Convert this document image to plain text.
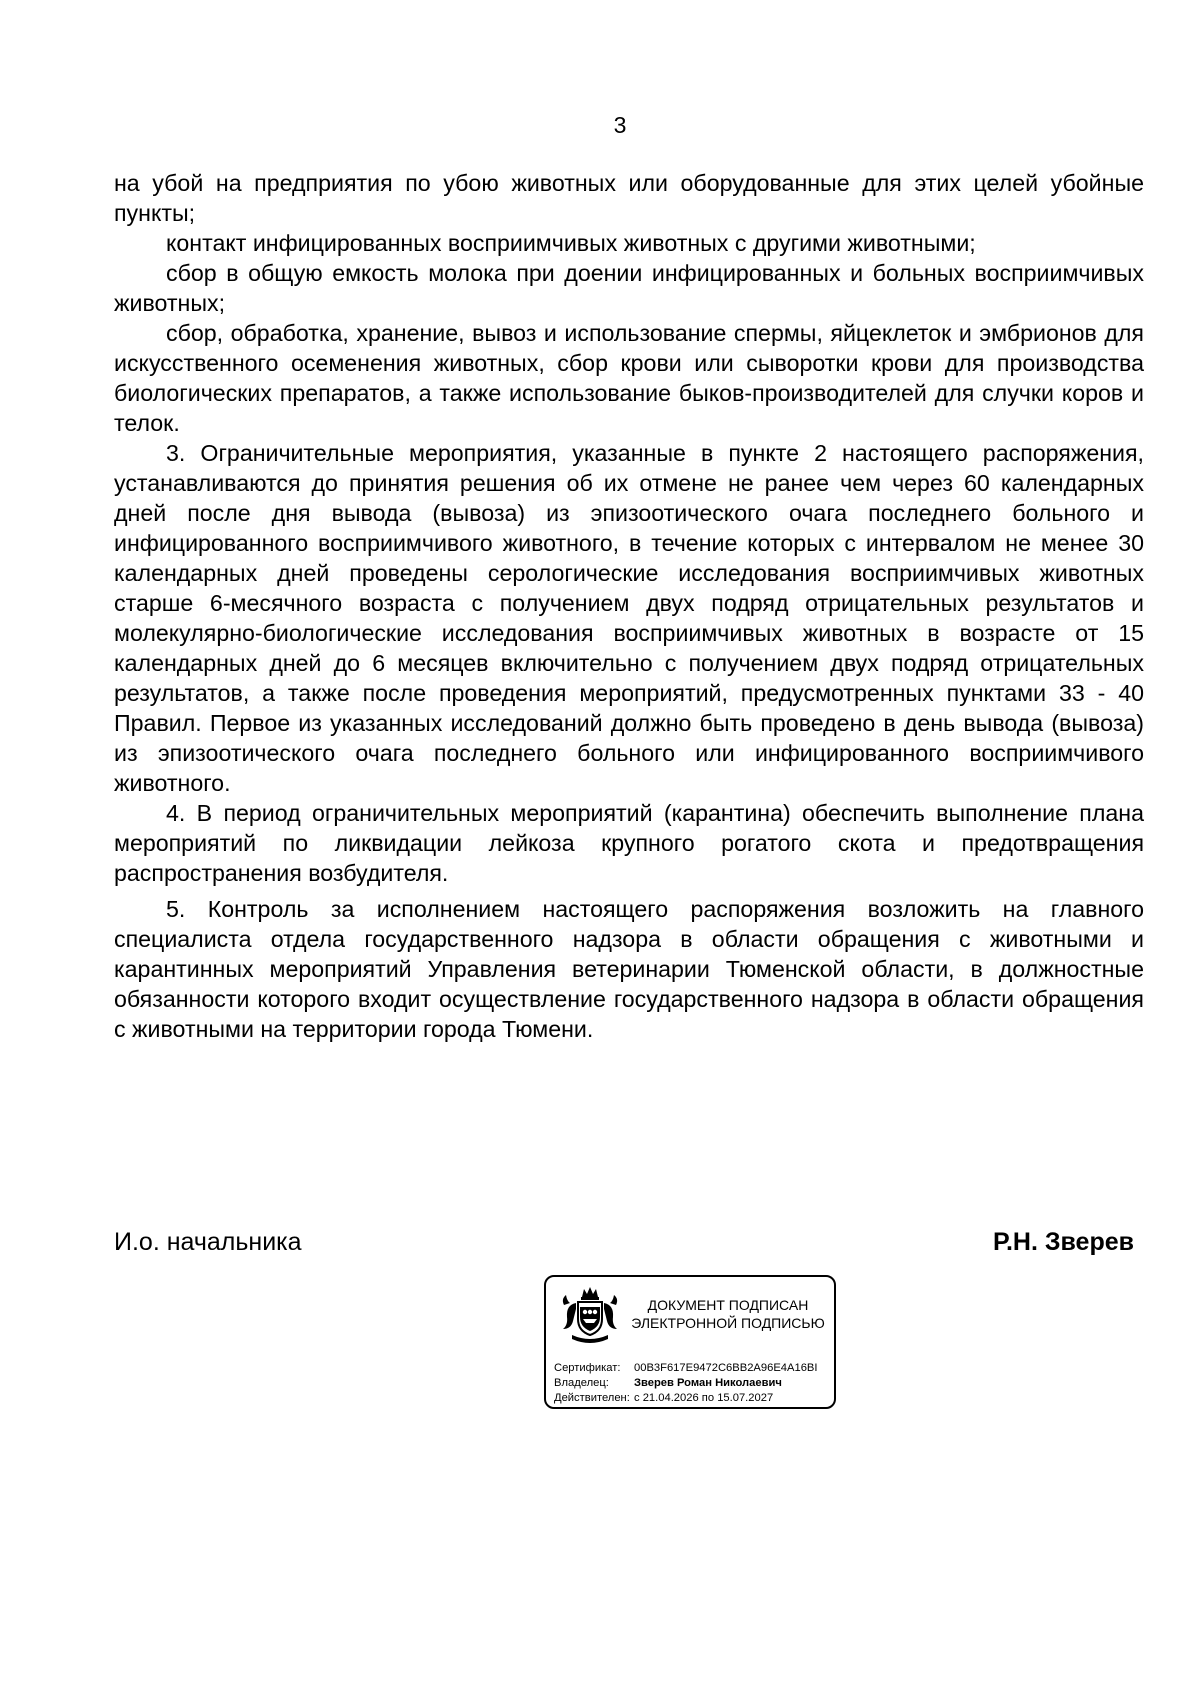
3

на убой на предприятия по убою животных или оборудованные для этих целей убойные пункты;

контакт инфицированных восприимчивых животных с другими животными;

сбор в общую емкость молока при доении инфицированных и больных восприимчивых животных;

сбор, обработка, хранение, вывоз и использование спермы, яйцеклеток и эмбрионов для искусственного осеменения животных, сбор крови или сыворотки крови для производства биологических препаратов, а также использование быков-производителей для случки коров и телок.

3. Ограничительные мероприятия, указанные в пункте 2 настоящего распоряжения, устанавливаются до принятия решения об их отмене не ранее чем через 60 календарных дней после дня вывода (вывоза) из эпизоотического очага последнего больного и инфицированного восприимчивого животного, в течение которых с интервалом не менее 30 календарных дней проведены серологические исследования восприимчивых животных старше 6-месячного возраста с получением двух подряд отрицательных результатов и молекулярно-биологические исследования восприимчивых животных в возрасте от 15 календарных дней до 6 месяцев включительно с получением двух подряд отрицательных результатов, а также после проведения мероприятий, предусмотренных пунктами 33 - 40 Правил. Первое из указанных исследований должно быть проведено в день вывода (вывоза) из эпизоотического очага последнего больного или инфицированного восприимчивого животного.

4. В период ограничительных мероприятий (карантина) обеспечить выполнение плана мероприятий по ликвидации лейкоза крупного рогатого скота и предотвращения распространения возбудителя.

5. Контроль за исполнением настоящего распоряжения возложить на главного специалиста отдела государственного надзора в области обращения с животными и карантинных мероприятий Управления ветеринарии Тюменской области, в должностные обязанности которого входит осуществление государственного надзора в области обращения с животными на территории города Тюмени.

И.о. начальника	Р.Н. Зверев
ДОКУМЕНТ ПОДПИСАН
ЭЛЕКТРОННОЙ ПОДПИСЬЮ
Сертификат: 00B3F617E9472C6BB2A96E4A16BI
Владелец: Зверев Роман Николаевич
Действителен: с 21.04.2026 по 15.07.2027
